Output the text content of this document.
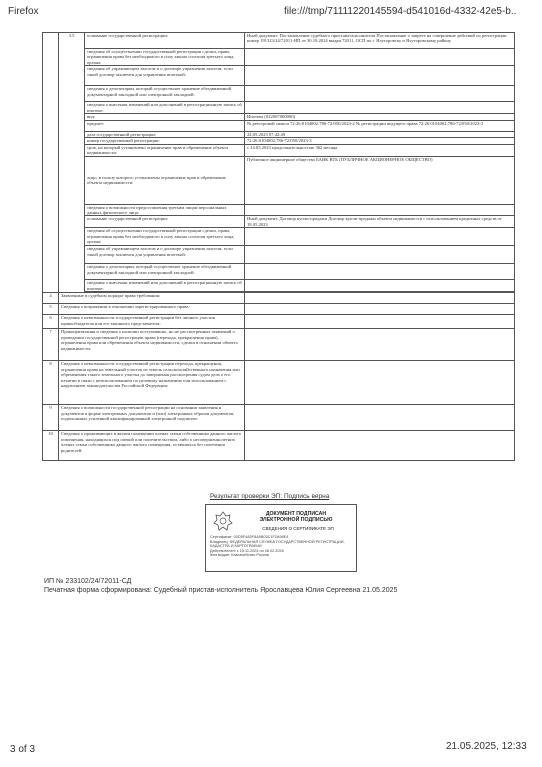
Firefox	file:///tmp/71111220145594-d541016d-4332-42e5-b..
	3.5	основание государственной регистрации:	Иной документ: Постановление судебного пристава-исполнителя Постановление о запрете на совершение действий по регистрации номер 191323/24/72011-ИП от 30.10.2024 выдан 72011, ОСП по г. Ялуторовску и Ялуторовскому району
		сведения об осуществлении государственной регистрации сделки, права, ограничения права без необходимого в силу закона согласия третьего лица, органа:	
		сведения об управляющем залогом и о договоре управления залогом, если такой договор заключен для управления ипотекой:	
		сведения о депозитарии, который осуществляет хранение обездвиженной документарной закладной или электронной закладной:	
		сведения о внесении изменений или дополнений в регистрационную запись об ипотеке:	
		вид:	Ипотека (022007000000)
		предмет:	№ реестровой записи 72:26:0104002:786-72/050/2023-2 № регистрации ведущего права 72:26:0104002:786-72/050/2023-2
		дата государственной регистрации:	24.05.2023 07:42:49
		номер государственной регистрации:	72:26:0104002:786-72/050/2023-3
		срок, на который установлено ограничение прав и обременение объекта недвижимости:	с 24.05.2023 продолжительностью 362 месяца
		лицо, в пользу которого установлены ограничение прав и обременение объекта недвижимости:	Публичное акционерное общество БАНК ВТБ (ПУБЛИЧНОЕ АКЦИОНЕРНОЕ ОБЩЕСТВО)
		сведения о возможности предоставления третьим лицам персональных данных физического лица:	
		основание государственной регистрации:	Иной документ: Договор купли-продажи Договор купли-продажи объекта недвижимости с использованием кредитных средств от 18.05.2023
		сведения об осуществлении государственной регистрации сделки, права, ограничения права без необходимого в силу закона согласия третьего лица, органа:	
		сведения об управляющем залогом и о договоре управления залогом, если такой договор заключен для управления ипотекой:	
		сведения о депозитарии, который осуществляет хранение обездвиженной документарной закладной или электронной закладной:	
		сведения о внесении изменений или дополнений в регистрационную запись об ипотеке:	

4	Заявленные в судебном порядке права требования:		
5	Сведения о возражении в отношении зарегистрированного права:		
6	Сведения о невозможности государственной регистрации без личного участия правообладателя или его законного представителя:		
7	Правопритязания и сведения о наличии поступивших, но не рассмотренных заявлений о проведении государственной регистрации права (перехода, прекращения права), ограничения права или обременения объекта недвижимости, сделки в отношении объекта недвижимости:		
8	Сведения о невозможности государственной регистрации перехода, прекращения, ограничения права на земельный участок из земель сельскохозяйственного назначения или обременения такого земельного участка до завершения рассмотрения судом дела о его изъятии в связи с неиспользованием по целевому назначению или использованием с нарушением законодательства Российской Федерации:		
9	Сведения о возможности государственной регистрации на основании заявления и документов в форме электронных документов и (или) электронных образов документов, подписанных усиленной квалифицированной электронной подписью:		
10	Сведения о проживающих в жилом помещении членах семьи собственника данного жилого помещения, находящихся под опекой или попечительством, либо о несовершеннолетних членах семьи собственника данного жилого помещения, оставшихся без попечения родителей:		
Результат проверки ЭП: Подпись верна
ДОКУМЕНТ ПОДПИСАН ЭЛЕКТРОННОЙ ПОДПИСЬЮ
СВЕДЕНИЯ О СЕРТИФИКАТЕ ЭП
Сертификат: 00D5F4A5F8A9B03C1F2A98E4
Владелец: ФЕДЕРАЛЬНАЯ СЛУЖБА ГОСУДАРСТВЕННОЙ РЕГИСТРАЦИИ, КАДАСТРА И КАРТОГРАФИИ
Действителен: с 15.11.2024 по 08.02.2026
Кем выдан: Казначейство России
ИП № 233102/24/72011-СД
Печатная форма сформирована: Судебный пристав-исполнитель Ярославцева Юлия Сергеевна 21.05.2025
3 of 3	21.05.2025, 12:33
